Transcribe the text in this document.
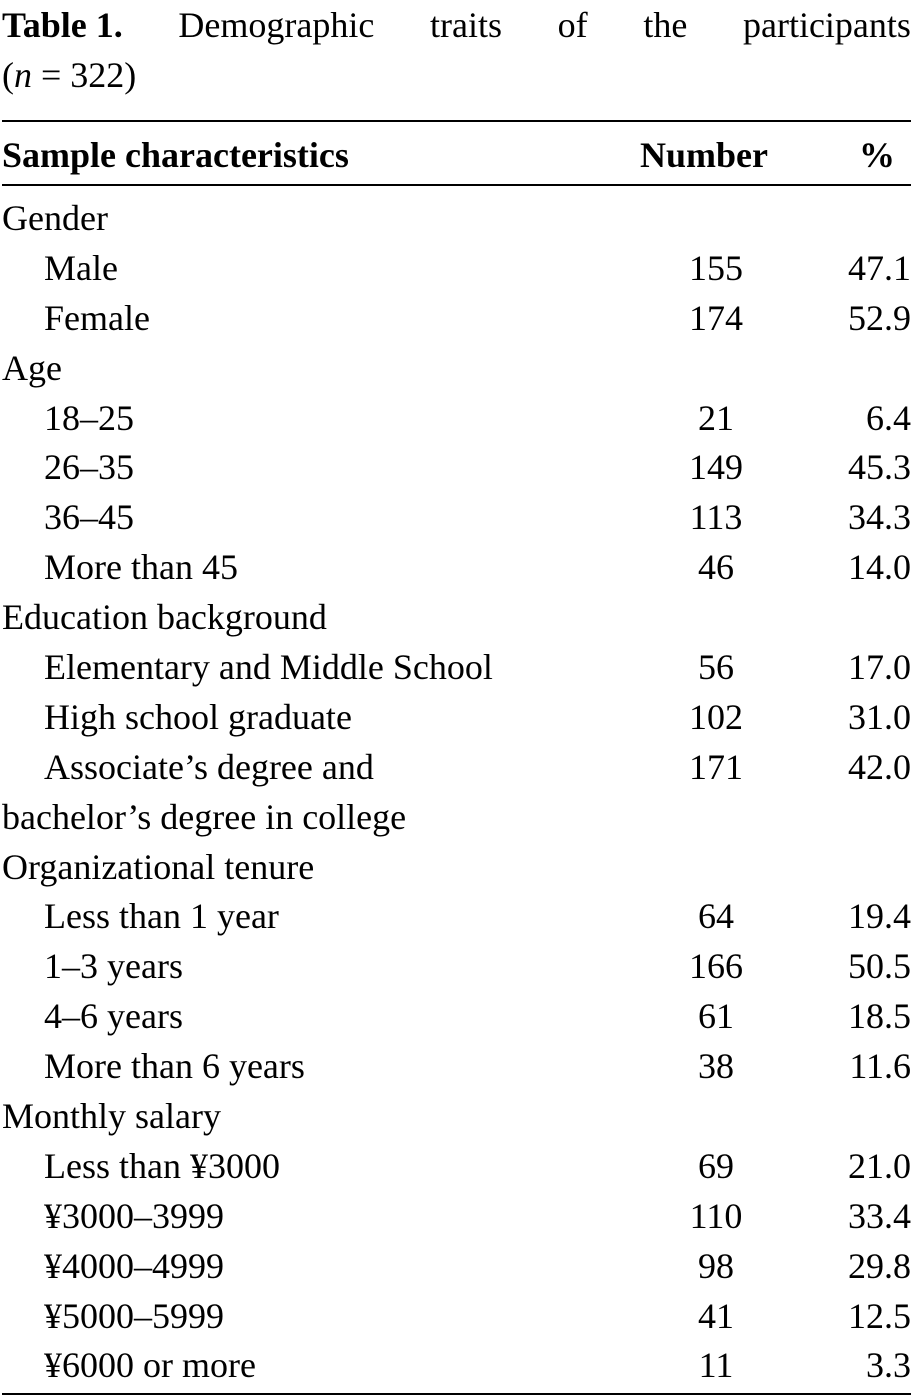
Table 1. Demographic traits of the participants
(n = 322)
Sample characteristics	Number	%
Gender
Male	155	47.1
Female	174	52.9
Age
18–25	21	6.4
26–35	149	45.3
36–45	113	34.3
More than 45	46	14.0
Education background
Elementary and Middle School	56	17.0
High school graduate	102	31.0
Associate’s degree and	171	42.0
bachelor’s degree in college
Organizational tenure
Less than 1 year	64	19.4
1–3 years	166	50.5
4–6 years	61	18.5
More than 6 years	38	11.6
Monthly salary
Less than ¥3000	69	21.0
¥3000–3999	110	33.4
¥4000–4999	98	29.8
¥5000–5999	41	12.5
¥6000 or more	11	3.3
